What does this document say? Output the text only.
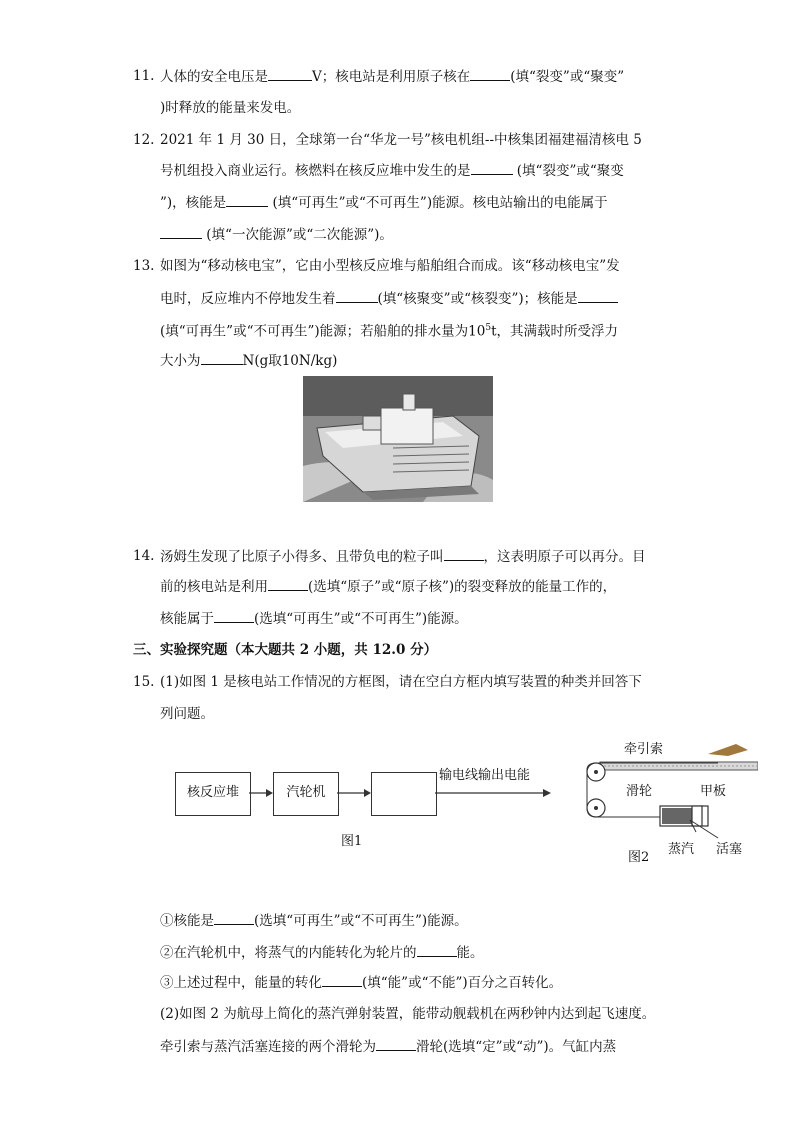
11. 人体的安全电压是	V；核电站是利用原子核在	(填“裂变”或“聚变”
)时释放的能量来发电。
12. 2021 年 1 月 30 日，全球第一台“华龙一号”核电机组--中核集团福建福清核电 5
号机组投入商业运行。核燃料在核反应堆中发生的是	(填“裂变”或“聚变
”)，核能是	(填“可再生”或“不可再生”)能源。核电站输出的电能属于
(填“一次能源”或“二次能源”)。
13. 如图为“移动核电宝”，它由小型核反应堆与船舶组合而成。该“移动核电宝”发
电时，反应堆内不停地发生着	(填“核聚变”或“核裂变”)；核能是
(填“可再生”或“不可再生”)能源；若船舶的排水量为$10^5t$，其满载时所受浮力
大小为	N(g取10N/kg)
14. 汤姆生发现了比原子小得多、且带负电的粒子叫	，这表明原子可以再分。目
前的核电站是利用	(选填“原子”或“原子核”)的裂变释放的能量工作的，
核能属于	(选填“可再生”或“不可再生”)能源。
三、实验探究题（本大题共 2 小题，共 12.0 分）
15. (1)如图 1 是核电站工作情况的方框图，请在空白方框内填写装置的种类并回答下
列问题。
核反应堆	汽轮机
输电线输出电能
图1
牵引索
滑轮	甲板
蒸汽 活塞
图2
①核能是	(选填“可再生”或“不可再生”)能源。
②在汽轮机中，将蒸气的内能转化为轮片的	能。
③上述过程中，能量的转化	(填“能”或“不能”)百分之百转化。
(2)如图 2 为航母上简化的蒸汽弹射装置，能带动舰载机在两秒钟内达到起飞速度。
牵引索与蒸汽活塞连接的两个滑轮为	滑轮(选填“定”或“动”)。气缸内蒸
